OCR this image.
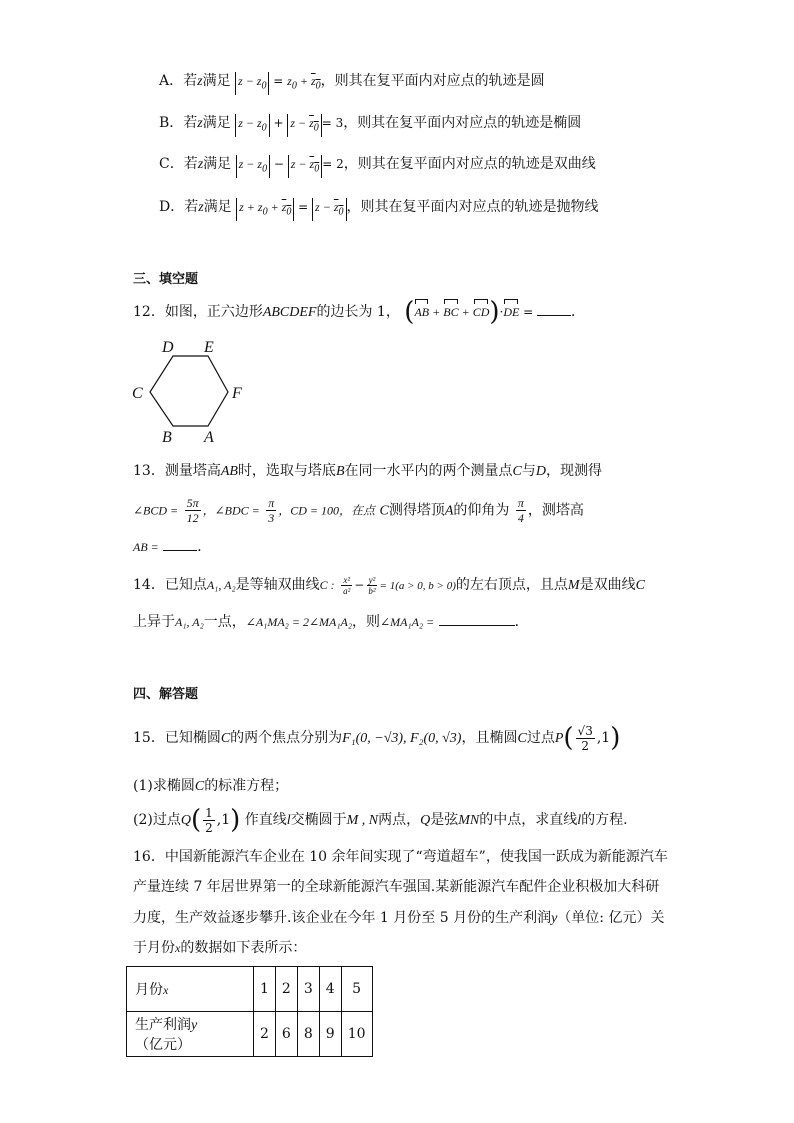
A．若z满足 $z - z_0 = z_0 + z_0$，则其在复平面内对应点的轨迹是圆
B．若z满足 $z - z_0 + z - z_0 = 3$，则其在复平面内对应点的轨迹是椭圆
C．若z满足 $z - z_0 - z - z_0 = 2$，则其在复平面内对应点的轨迹是双曲线
D．若z满足 $z + z_0 + z_0 = z - z_0$ ，则其在复平面内对应点的轨迹是抛物线
三、填空题
12．如图，正六边形ABCDEF的边长为 1， (AB + BC + CD)·DE = ．
D E
C	F
B A
13．测量塔高AB时，选取与塔底B在同一水平内的两个测量点C与D，现测得
∠BCD = $\frac{5\pi}{12}$ ，∠BDC = $\frac{\pi}{3}$ ，CD = 100，在点 C测得塔顶A的仰角为 $\frac{\pi}{4}$ ，测塔高
AB =	．
14．已知点A₁, A₂是等轴双曲线C : $\frac{\text{x²}}{\text{a²}} - \frac{\text{y²}}{\text{b²}} = 1(a > 0$, b > 0)的左右顶点，且点M是双曲线C
上异于A₁, A₂一点，∠A₁MA₂ = 2∠MA₁A₂，则∠MA₁A₂ =	．
四、解答题
15．已知椭圆C的两个焦点分别为F₁(0, −√3), F₂(0, √3)，且椭圆C过点$P( \frac{√3}{2} ,1)$
(1)求椭圆C的标准方程；
(2)过点$Q( \frac{1}{2} ,1)$ 作直线l交椭圆于M , N两点，Q是弦MN的中点，求直线l的方程.
16．中国新能源汽车企业在 10 余年间实现了“弯道超车”，使我国一跃成为新能源汽车
产量连续 7 年居世界第一的全球新能源汽车强国.某新能源汽车配件企业积极加大科研
力度，生产效益逐步攀升.该企业在今年 1 月份至 5 月份的生产利润y（单位: 亿元）关
于月份x的数据如下表所示：
月份x	1	2	3	4	5
生产利润y（亿元）	2	6	8	9	10
